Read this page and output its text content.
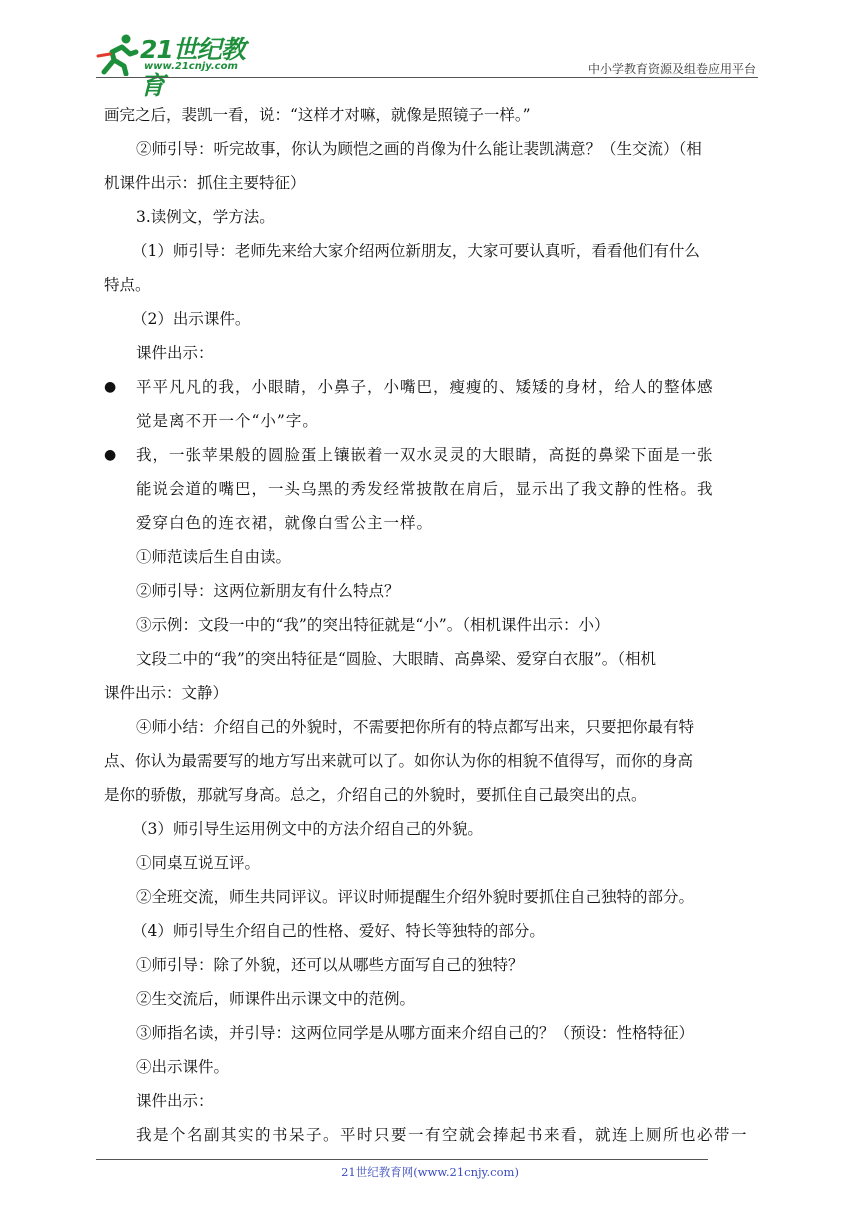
21世纪教育
www.21cnjy.com	中小学教育资源及组卷应用平台
画完之后，裴凯一看，说：“这样才对嘛，就像是照镜子一样。”
②师引导：听完故事，你认为顾恺之画的肖像为什么能让裴凯满意？（生交流）（相
机课件出示：抓住主要特征）
3.读例文，学方法。
（1）师引导：老师先来给大家介绍两位新朋友，大家可要认真听，看看他们有什么
特点。
（2）出示课件。
课件出示：
●	平平凡凡的我，小眼睛，小鼻子，小嘴巴，瘦瘦的、矮矮的身材，给人的整体感
觉是离不开一个“小”字。
●	我，一张苹果般的圆脸蛋上镶嵌着一双水灵灵的大眼睛，高挺的鼻梁下面是一张
能说会道的嘴巴，一头乌黑的秀发经常披散在肩后，显示出了我文静的性格。我
爱穿白色的连衣裙，就像白雪公主一样。
①师范读后生自由读。
②师引导：这两位新朋友有什么特点？
③示例：文段一中的“我”的突出特征就是“小”。（相机课件出示：小）
文段二中的“我”的突出特征是“圆脸、大眼睛、高鼻梁、爱穿白衣服”。（相机
课件出示：文静）
④师小结：介绍自己的外貌时，不需要把你所有的特点都写出来，只要把你最有特
点、你认为最需要写的地方写出来就可以了。如你认为你的相貌不值得写，而你的身高
是你的骄傲，那就写身高。总之，介绍自己的外貌时，要抓住自己最突出的点。
（3）师引导生运用例文中的方法介绍自己的外貌。
①同桌互说互评。
②全班交流，师生共同评议。评议时师提醒生介绍外貌时要抓住自己独特的部分。
（4）师引导生介绍自己的性格、爱好、特长等独特的部分。
①师引导：除了外貌，还可以从哪些方面写自己的独特？
②生交流后，师课件出示课文中的范例。
③师指名读，并引导：这两位同学是从哪方面来介绍自己的？（预设：性格特征）
④出示课件。
课件出示：
我是个名副其实的书呆子。平时只要一有空就会捧起书来看，就连上厕所也必带一
21世纪教育网(www.21cnjy.com)
